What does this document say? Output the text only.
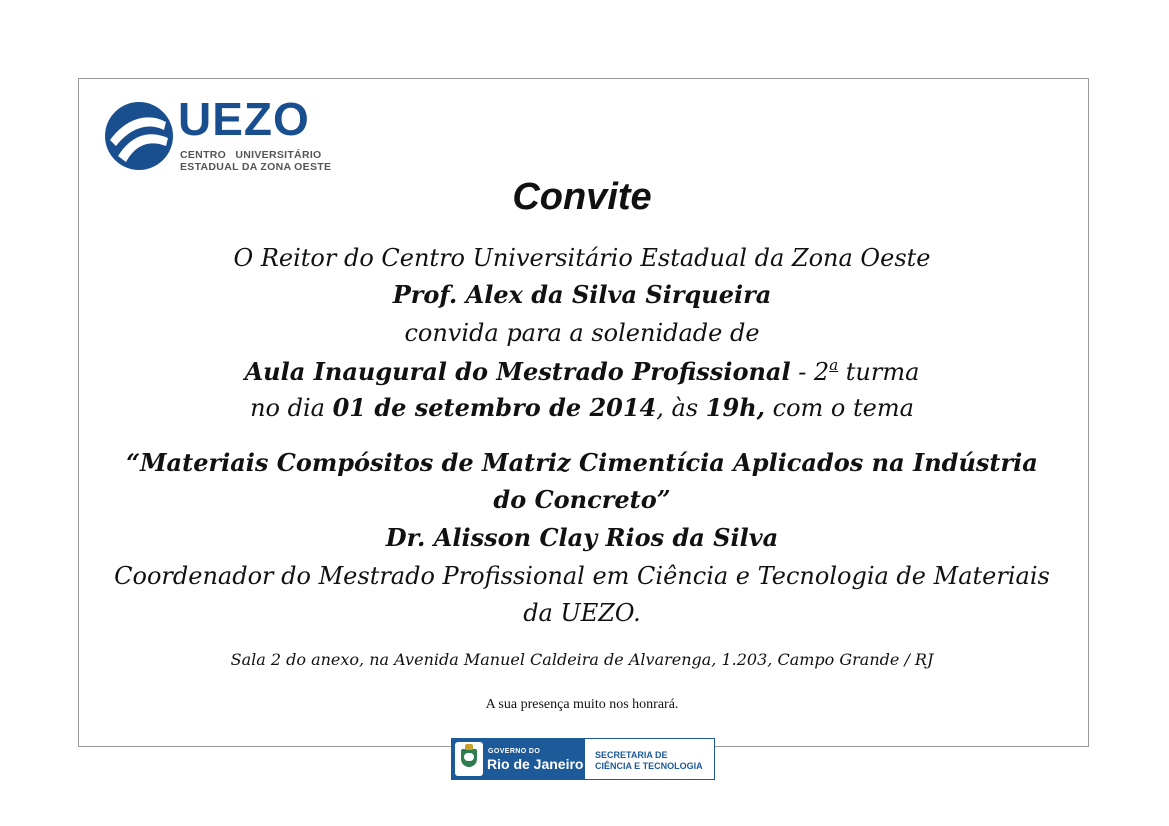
UEZO
CENTRO UNIVERSITÁRIO
ESTADUAL DA ZONA OESTE
Convite
O Reitor do Centro Universitário Estadual da Zona Oeste
Prof. Alex da Silva Sirqueira
convida para a solenidade de
Aula Inaugural do Mestrado Profissional - 2$^a$ turma
no dia 01 de setembro de 2014, às 19h, com o tema
“Materiais Compósitos de Matriz Cimentícia Aplicados na Indústria
do Concreto”
Dr. Alisson Clay Rios da Silva
Coordenador do Mestrado Profissional em Ciência e Tecnologia de Materiais
da UEZO.
Sala 2 do anexo, na Avenida Manuel Caldeira de Alvarenga, 1.203, Campo Grande / RJ
A sua presença muito nos honrará.
GOVERNO DO
Rio de Janeiro
SECRETARIA DE
CIÊNCIA E TECNOLOGIA
